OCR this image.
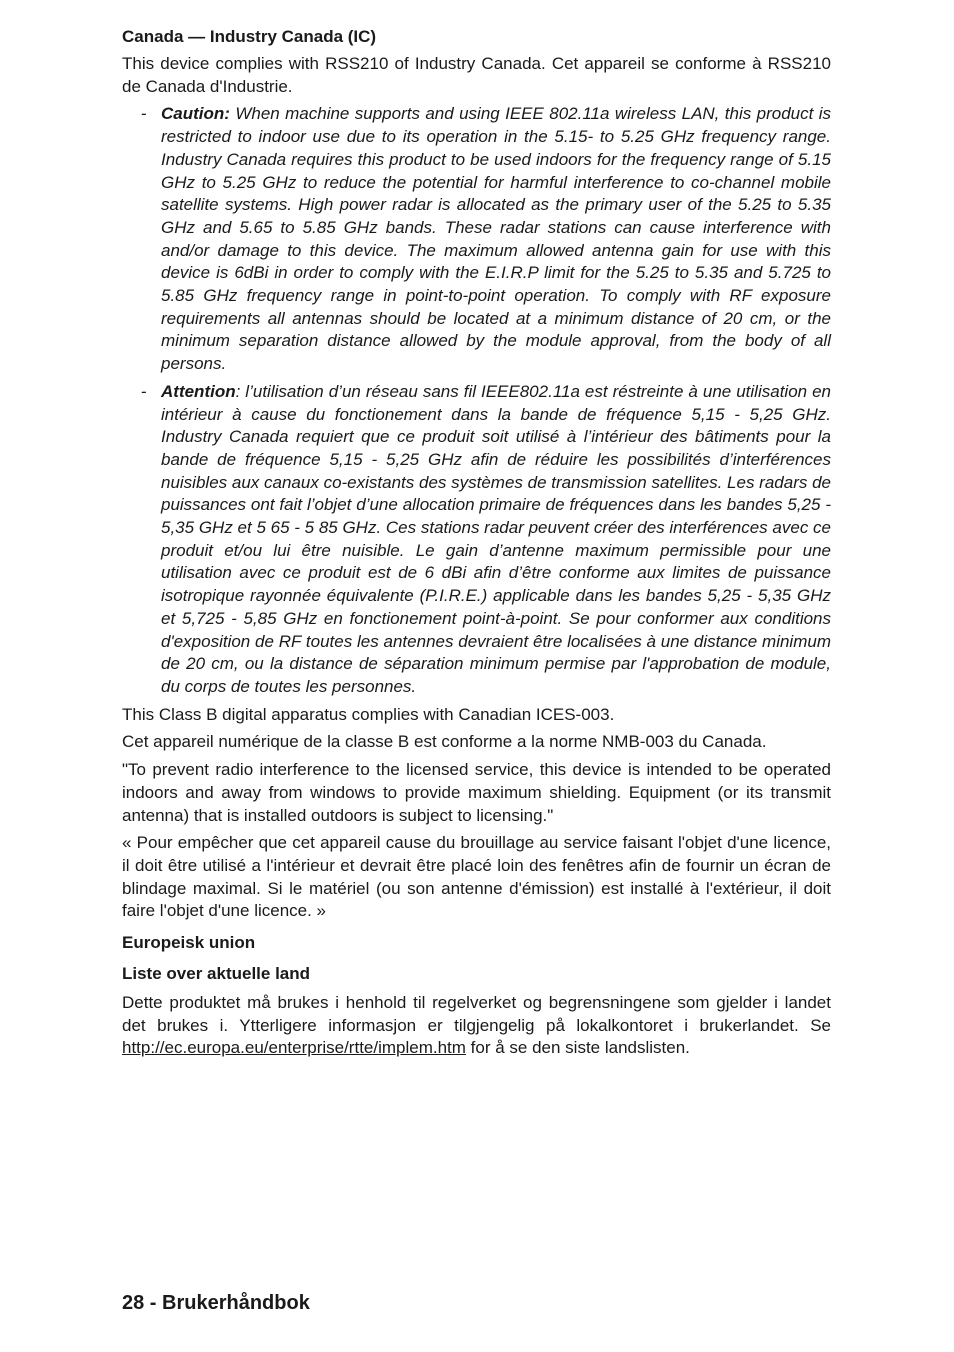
Canada — Industry Canada (IC)

This device complies with RSS210 of Industry Canada. Cet appareil se conforme à RSS210 de Canada d'Industrie.

- Caution: When machine supports and using IEEE 802.11a wireless LAN, this product is restricted to indoor use due to its operation in the 5.15- to 5.25 GHz frequency range. Industry Canada requires this product to be used indoors for the frequency range of 5.15 GHz to 5.25 GHz to reduce the potential for harmful interference to co-channel mobile satellite systems. High power radar is allocated as the primary user of the 5.25 to 5.35 GHz and 5.65 to 5.85 GHz bands. These radar stations can cause interference with and/or damage to this device. The maximum allowed antenna gain for use with this device is 6dBi in order to comply with the E.I.R.P limit for the 5.25 to 5.35 and 5.725 to 5.85 GHz frequency range in point-to-point operation. To comply with RF exposure requirements all antennas should be located at a minimum distance of 20 cm, or the minimum separation distance allowed by the module approval, from the body of all persons.
- Attention: l’utilisation d’un réseau sans fil IEEE802.11a est réstreinte à une utilisation en intérieur à cause du fonctionement dans la bande de fréquence 5,15 - 5,25 GHz. Industry Canada requiert que ce produit soit utilisé à l’intérieur des bâtiments pour la bande de fréquence 5,15 - 5,25 GHz afin de réduire les possibilités d’interférences nuisibles aux canaux co-existants des systèmes de transmission satellites. Les radars de puissances ont fait l’objet d’une allocation primaire de fréquences dans les bandes 5,25 - 5,35 GHz et 5 65 - 5 85 GHz. Ces stations radar peuvent créer des interférences avec ce produit et/ou lui être nuisible. Le gain d’antenne maximum permissible pour une utilisation avec ce produit est de 6 dBi afin d’être conforme aux limites de puissance isotropique rayonnée équivalente (P.I.R.E.) applicable dans les bandes 5,25 - 5,35 GHz et 5,725 - 5,85 GHz en fonctionement point-à-point. Se pour conformer aux conditions d'exposition de RF toutes les antennes devraient être localisées à une distance minimum de 20 cm, ou la distance de séparation minimum permise par l'approbation de module, du corps de toutes les personnes.

This Class B digital apparatus complies with Canadian ICES-003.

Cet appareil numérique de la classe B est conforme a la norme NMB-003 du Canada.

"To prevent radio interference to the licensed service, this device is intended to be operated indoors and away from windows to provide maximum shielding. Equipment (or its transmit antenna) that is installed outdoors is subject to licensing."

« Pour empêcher que cet appareil cause du brouillage au service faisant l'objet d'une licence, il doit être utilisé a l'intérieur et devrait être placé loin des fenêtres afin de fournir un écran de blindage maximal. Si le matériel (ou son antenne d'émission) est installé à l'extérieur, il doit faire l'objet d'une licence. »

Europeisk union
Liste over aktuelle land

Dette produktet må brukes i henhold til regelverket og begrensningene som gjelder i landet det brukes i. Ytterligere informasjon er tilgjengelig på lokalkontoret i brukerlandet. Se http://ec.europa.eu/enterprise/rtte/implem.htm for å se den siste landslisten.

28 - Brukerhåndbok
